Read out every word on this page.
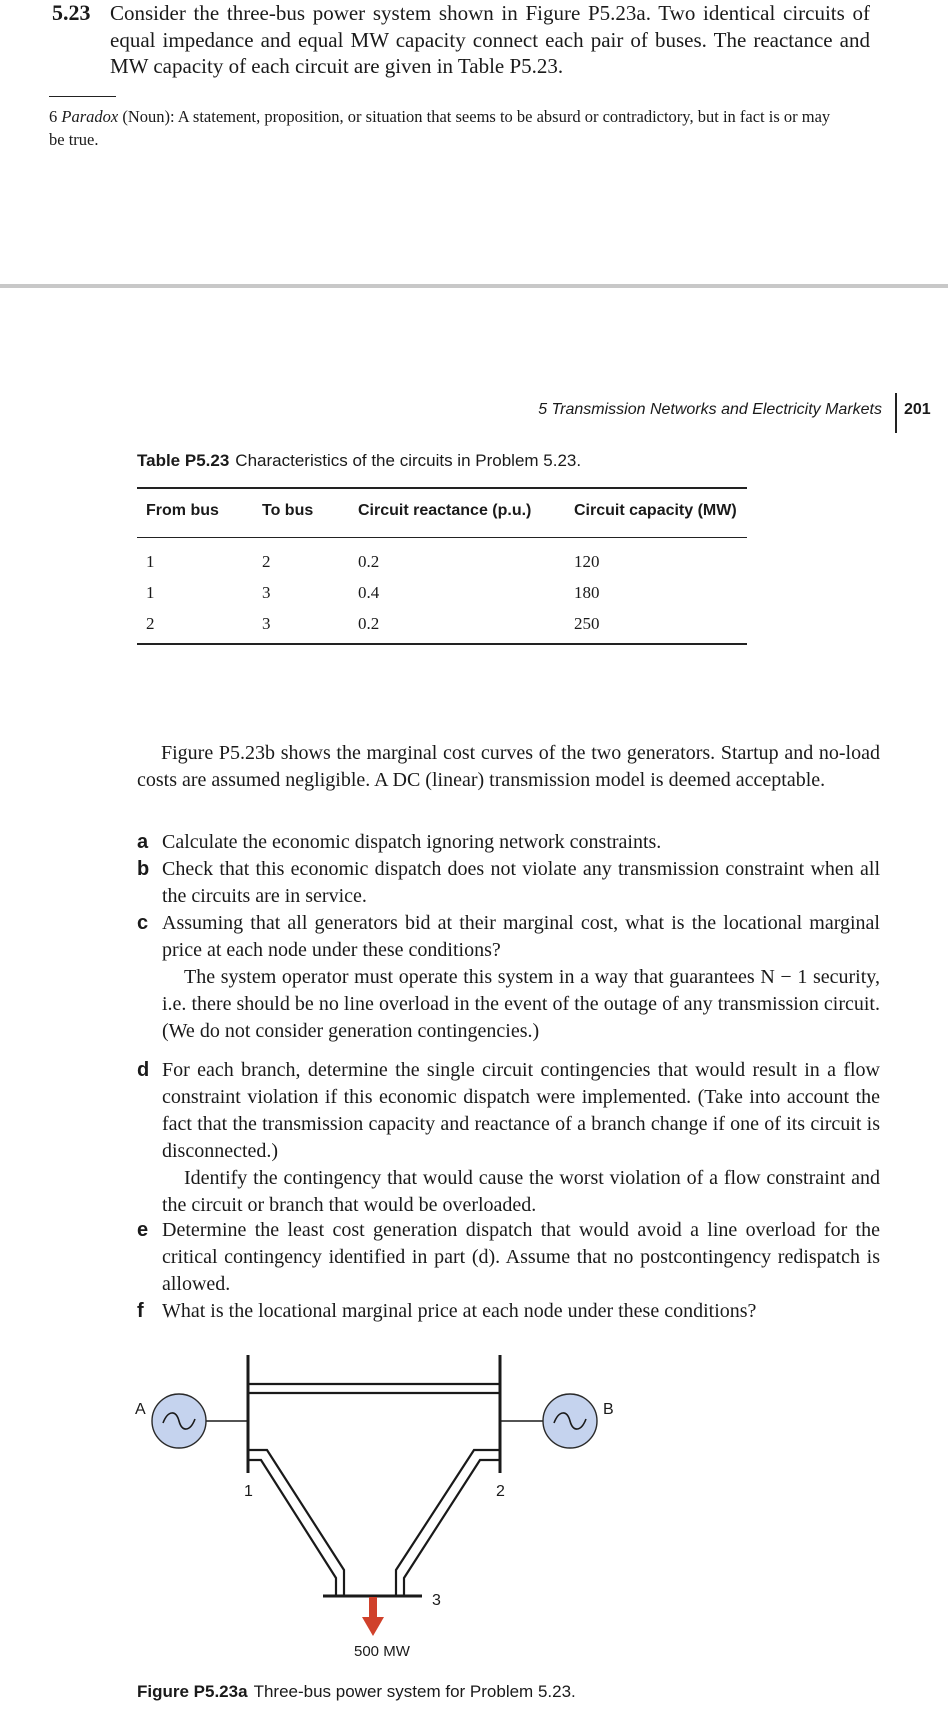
5.23 Consider the three-bus power system shown in Figure P5.23a. Two identical circuits of equal impedance and equal MW capacity connect each pair of buses. The reactance and MW capacity of each circuit are given in Table P5.23.
6 Paradox (Noun): A statement, proposition, or situation that seems to be absurd or contradictory, but in fact is or may be true.
5 Transmission Networks and Electricity Markets 201
Table P5.23 Characteristics of the circuits in Problem 5.23.
From bus	To bus	Circuit reactance (p.u.)	Circuit capacity (MW)
1	2	0.2	120
1	3	0.4	180
2	3	0.2	250
Figure P5.23b shows the marginal cost curves of the two generators. Startup and no-load costs are assumed negligible. A DC (linear) transmission model is deemed acceptable.
a Calculate the economic dispatch ignoring network constraints.
b Check that this economic dispatch does not violate any transmission constraint when all the circuits are in service.
c Assuming that all generators bid at their marginal cost, what is the locational marginal price at each node under these conditions?
The system operator must operate this system in a way that guarantees N − 1 security, i.e. there should be no line overload in the event of the outage of any transmission circuit. (We do not consider generation contingencies.)
d For each branch, determine the single circuit contingencies that would result in a flow constraint violation if this economic dispatch were implemented. (Take into account the fact that the transmission capacity and reactance of a branch change if one of its circuit is disconnected.)
Identify the contingency that would cause the worst violation of a flow constraint and the circuit or branch that would be overloaded.
e Determine the least cost generation dispatch that would avoid a line overload for the critical contingency identified in part (d). Assume that no postcontingency redispatch is allowed.
f What is the locational marginal price at each node under these conditions?
A	B
1	2
3
500 MW
Figure P5.23a Three-bus power system for Problem 5.23.
